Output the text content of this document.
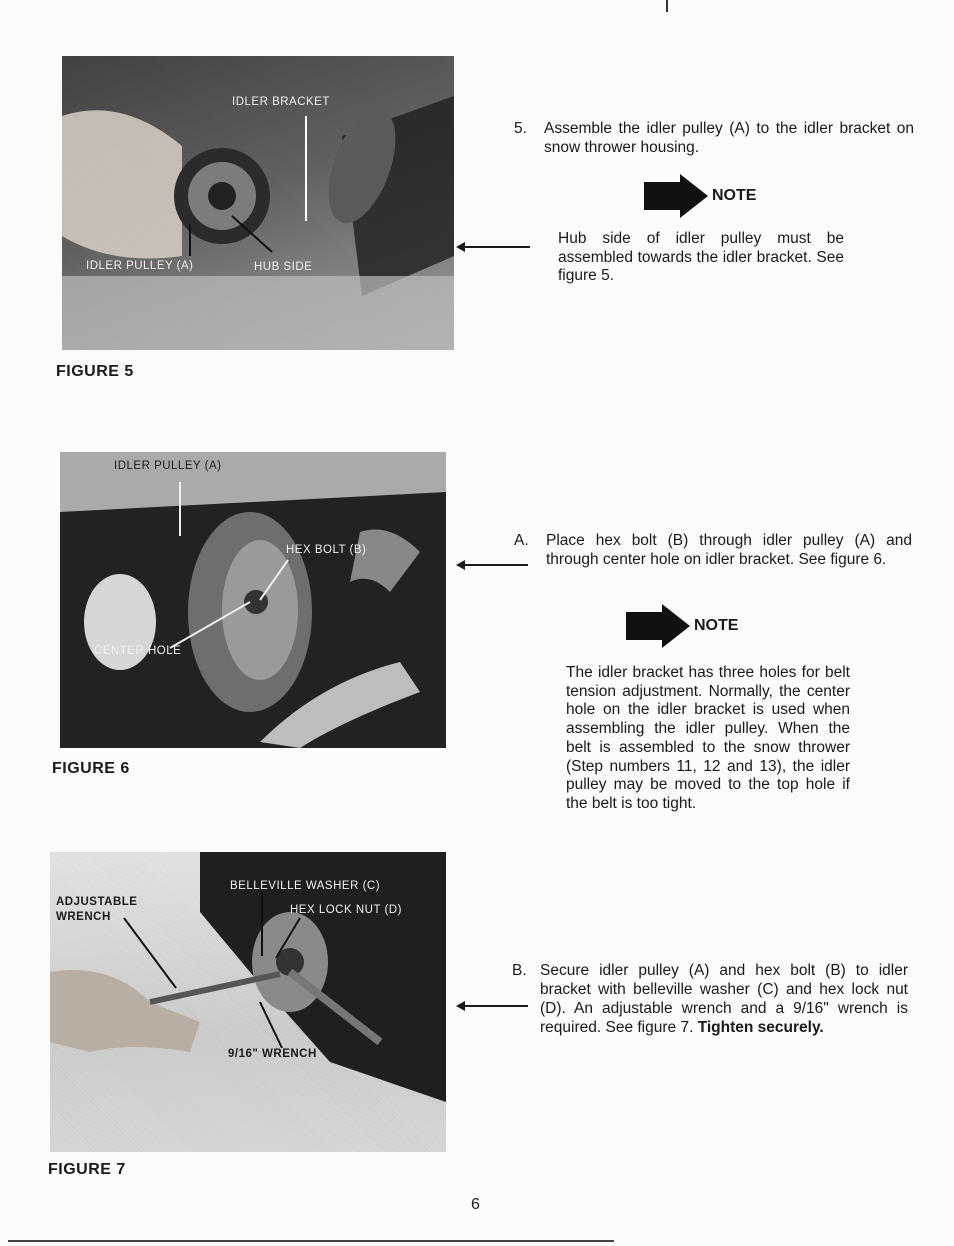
IDLER BRACKET
IDLER PULLEY (A)	HUB SIDE
FIGURE 5
IDLER PULLEY (A)
HEX BOLT (B)
CENTER HOLE
FIGURE 6
ADJUSTABLE
WRENCH
BELLEVILLE WASHER (C)
HEX LOCK NUT (D)
9/16" WRENCH
FIGURE 7
5. Assemble the idler pulley (A) to the idler bracket on snow thrower housing.
NOTE
Hub side of idler pulley must be assembled towards the idler bracket. See figure 5.
A. Place hex bolt (B) through idler pulley (A) and through center hole on idler bracket. See figure 6.
NOTE
The idler bracket has three holes for belt tension adjustment. Normally, the center hole on the idler bracket is used when assembling the idler pulley. When the belt is assembled to the snow thrower (Step numbers 11, 12 and 13), the idler pulley may be moved to the top hole if the belt is too tight.
B. Secure idler pulley (A) and hex bolt (B) to idler bracket with belleville washer (C) and hex lock nut (D). An adjustable wrench and a 9/16" wrench is required. See figure 7. Tighten securely.
6
